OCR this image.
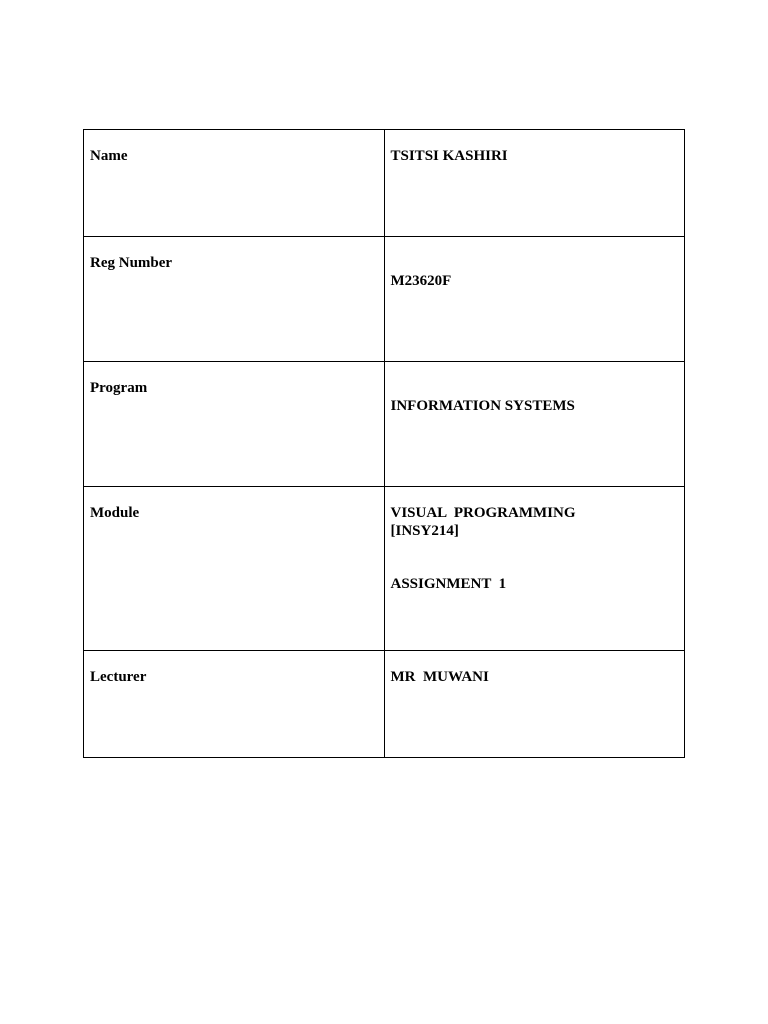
Name	TSITSI KASHIRI

Reg Number	M23620F

Program	INFORMATION SYSTEMS

Module	VISUAL  PROGRAMMING
[INSY214]
ASSIGNMENT  1

Lecturer	MR  MUWANI
